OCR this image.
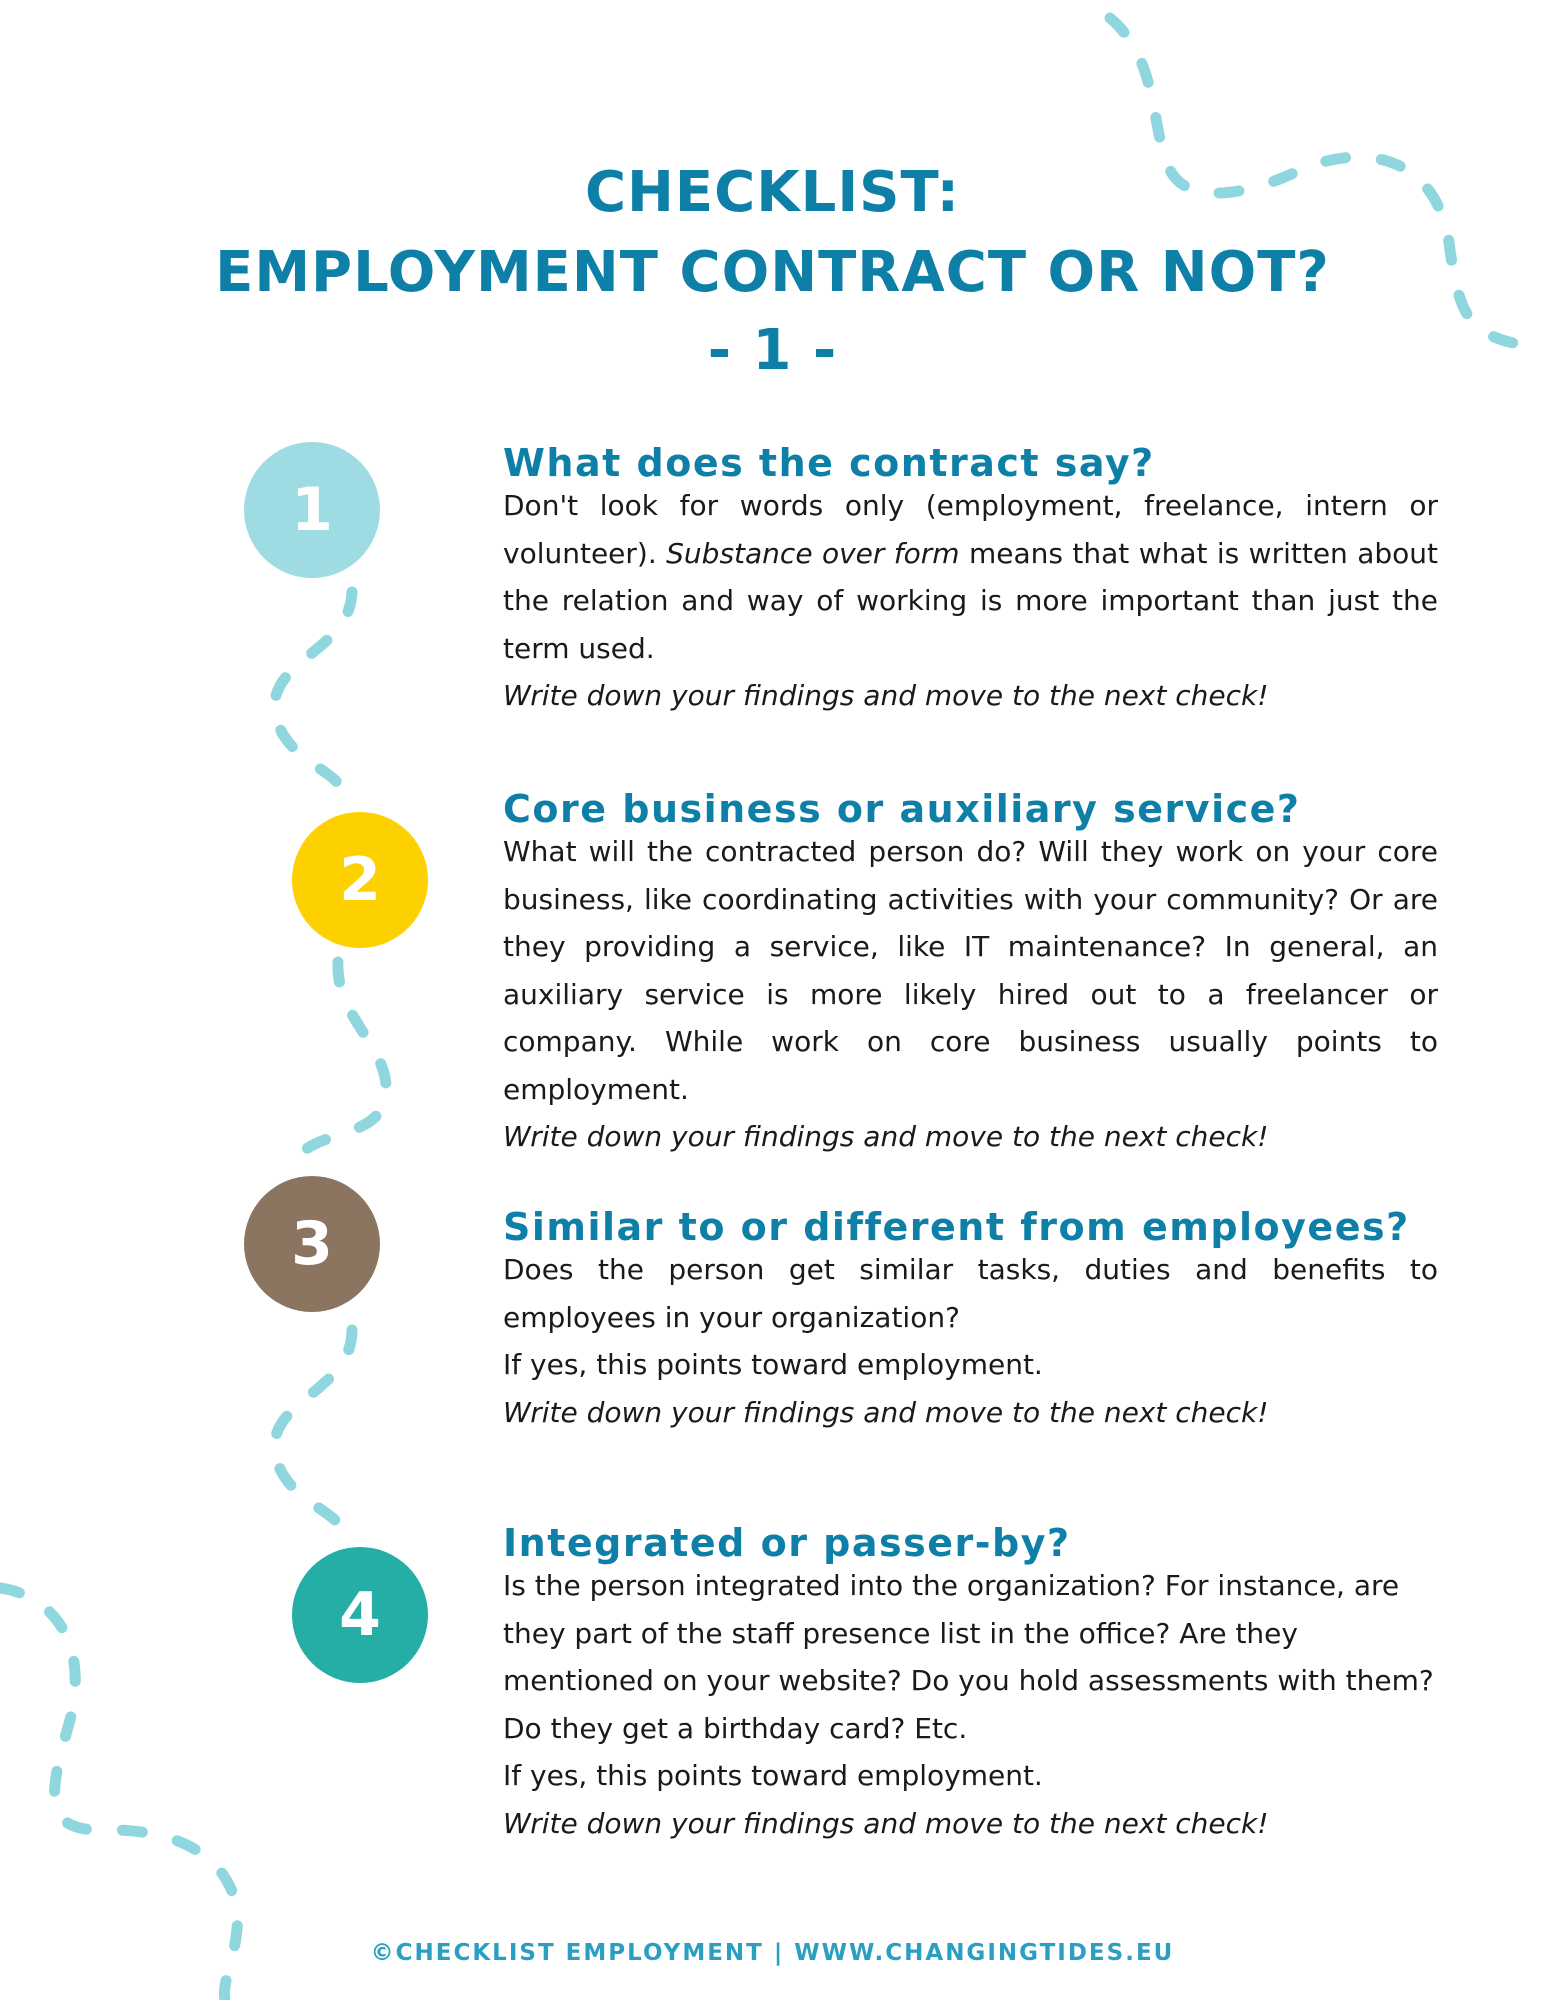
CHECKLIST:
EMPLOYMENT CONTRACT OR NOT?
- 1 -
1
2
3
4
What does the contract say?

Don't look for words only (employment, freelance, intern or volunteer). Substance over form means that what is written about the relation and way of working is more important than just the term used.

Write down your findings and move to the next check!

Core business or auxiliary service?

What will the contracted person do? Will they work on your core business, like coordinating activities with your community? Or are they providing a service, like IT maintenance? In general, an auxiliary service is more likely hired out to a freelancer or company. While work on core business usually points to employment.

Write down your findings and move to the next check!

Similar to or different from employees?

Does the person get similar tasks, duties and benefits to employees in your organization?

If yes, this points toward employment.

Write down your findings and move to the next check!

Integrated or passer-by?

Is the person integrated into the organization? For instance, are they part of the staff presence list in the office? Are they mentioned on your website? Do you hold assessments with them? Do they get a birthday card? Etc.

If yes, this points toward employment.

Write down your findings and move to the next check!

©CHECKLIST EMPLOYMENT | WWW.CHANGINGTIDES.EU
